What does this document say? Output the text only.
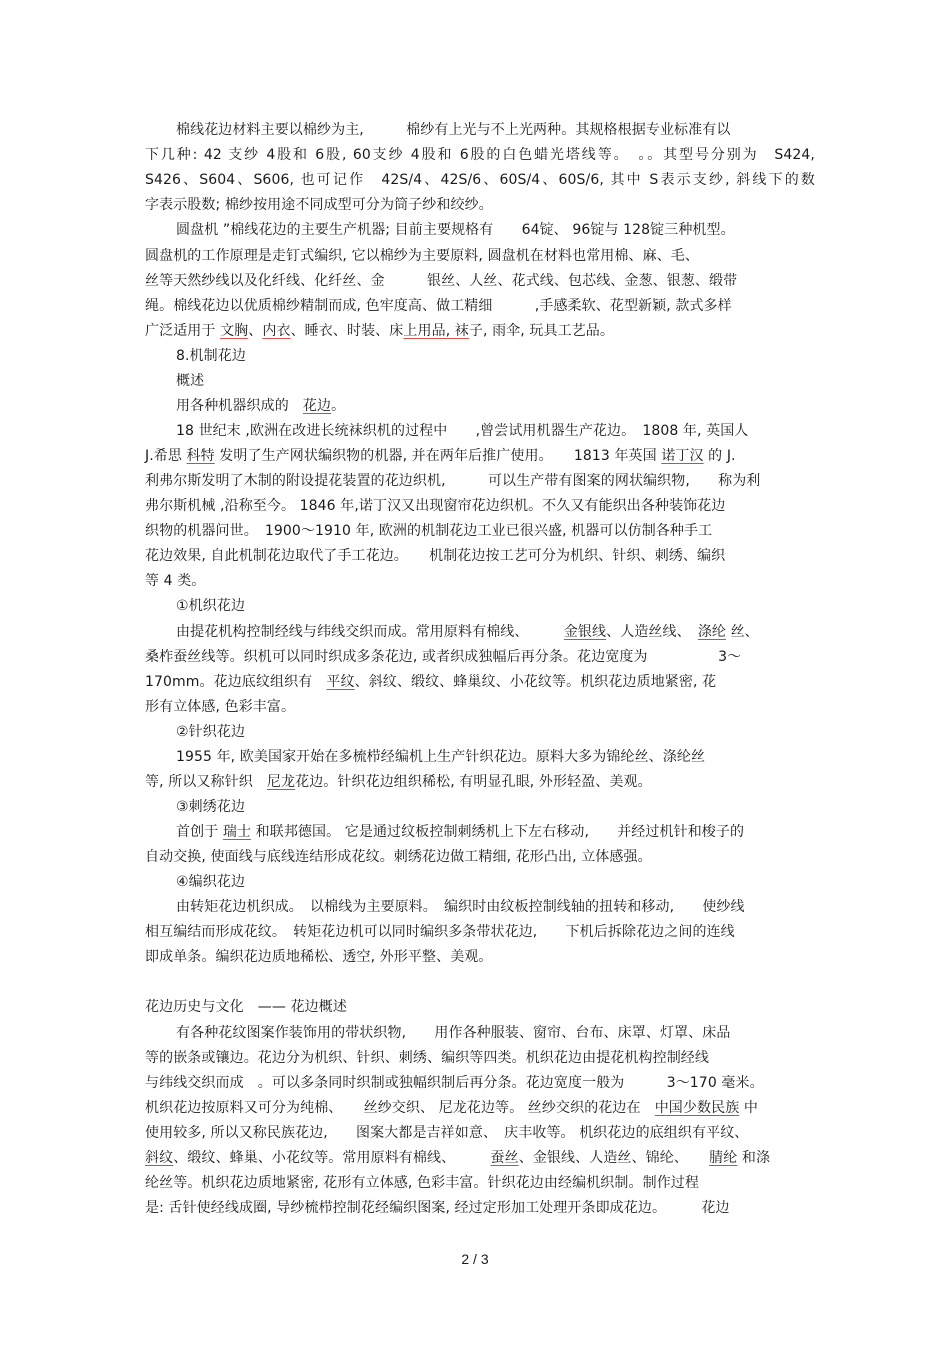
棉线花边材料主要以棉纱为主,　　　棉纱有上光与不上光两种。其规格根据专业标准有以
下几种: 42 支纱 4股和 6股, 60支纱 4股和 6股的白色蜡光塔线等。　。。其型号分别为　S424,
S426、S604、S606, 也可记作　42S/4、42S/6、60S/4、60S/6, 其中 S表示支纱, 斜线下的数
字表示股数; 棉纱按用途不同成型可分为筒子纱和绞纱。
圆盘机 ”棉线花边的主要生产机器; 目前主要规格有　　64锭、 96锭与 128锭三种机型。
圆盘机的工作原理是走钉式编织, 它以棉纱为主要原料, 圆盘机在材料也常用棉、麻、毛、
丝等天然纱线以及化纤线、化纤丝、金　　　银丝、人丝、花式线、包芯线、金葱、银葱、缎带
绳。棉线花边以优质棉纱精制而成, 色牢度高、做工精细　　　,手感柔软、花型新颖, 款式多样
广泛适用于 文胸、内衣、睡衣、时装、床上用品, 袜子, 雨伞, 玩具工艺品。
8.机制花边
概述
用各种机器织成的　花边。
18 世纪末 ,欧洲在改进长统袜织机的过程中　　,曾尝试用机器生产花边。　1808 年, 英国人
J.希思 科特 发明了生产网状编织物的机器, 并在两年后推广使用。　　1813 年英国 诺丁汉 的 J.
利弗尔斯发明了木制的附设提花装置的花边织机,　　　可以生产带有图案的网状编织物,　　称为利
弗尔斯机械 ,沿称至今。 1846 年,诺丁汉又出现窗帘花边织机。不久又有能织出各种装饰花边
织物的机器问世。　1900～1910 年, 欧洲的机制花边工业已很兴盛, 机器可以仿制各种手工
花边效果, 自此机制花边取代了手工花边。　　机制花边按工艺可分为机织、针织、刺绣、编织
等 4 类。
①机织花边
由提花机构控制经线与纬线交织而成。常用原料有棉线、　　　金银线、人造丝线、　涤纶 丝、
桑柞蚕丝线等。织机可以同时织成多条花边, 或者织成独幅后再分条。花边宽度为　　　　　3～
170mm。花边底纹组织有　平纹、斜纹、缎纹、蜂巢纹、小花纹等。机织花边质地紧密, 花
形有立体感, 色彩丰富。
②针织花边
1955 年, 欧美国家开始在多梳栉经编机上生产针织花边。原料大多为锦纶丝、涤纶丝
等, 所以又称针织　尼龙花边。针织花边组织稀松, 有明显孔眼, 外形轻盈、美观。
③刺绣花边
首创于 瑞士 和联邦德国。 它是通过纹板控制刺绣机上下左右移动,　　并经过机针和梭子的
自动交换, 使面线与底线连结形成花纹。刺绣花边做工精细, 花形凸出, 立体感强。
④编织花边
由转矩花边机织成。　以棉线为主要原料。　编织时由纹板控制线轴的扭转和移动,　　使纱线
相互编结而形成花纹。　转矩花边机可以同时编织多条带状花边,　　下机后拆除花边之间的连线
即成单条。编织花边质地稀松、透空, 外形平整、美观。
花边历史与文化　—— 花边概述
有各种花纹图案作装饰用的带状织物,　　用作各种服装、窗帘、台布、床罩、灯罩、床品
等的嵌条或镶边。花边分为机织、针织、刺绣、编织等四类。机织花边由提花机构控制经线
与纬线交织而成　。可以多条同时织制或独幅织制后再分条。花边宽度一般为　　　3～170 毫米。
机织花边按原料又可分为纯棉、　　丝纱交织、 尼龙花边等。 丝纱交织的花边在　中国少数民族 中
使用较多, 所以又称民族花边,　　图案大都是吉祥如意、　庆丰收等。 机织花边的底组织有平纹、
斜纹、缎纹、蜂巢、小花纹等。常用原料有棉线、　　　蚕丝、金银线、人造丝、锦纶、　　腈纶 和涤
纶丝等。机织花边质地紧密, 花形有立体感, 色彩丰富。针织花边由经编机织制。制作过程
是: 舌针使经线成圈, 导纱梳栉控制花经编织图案, 经过定形加工处理开条即成花边。　　　花边
2 / 3
